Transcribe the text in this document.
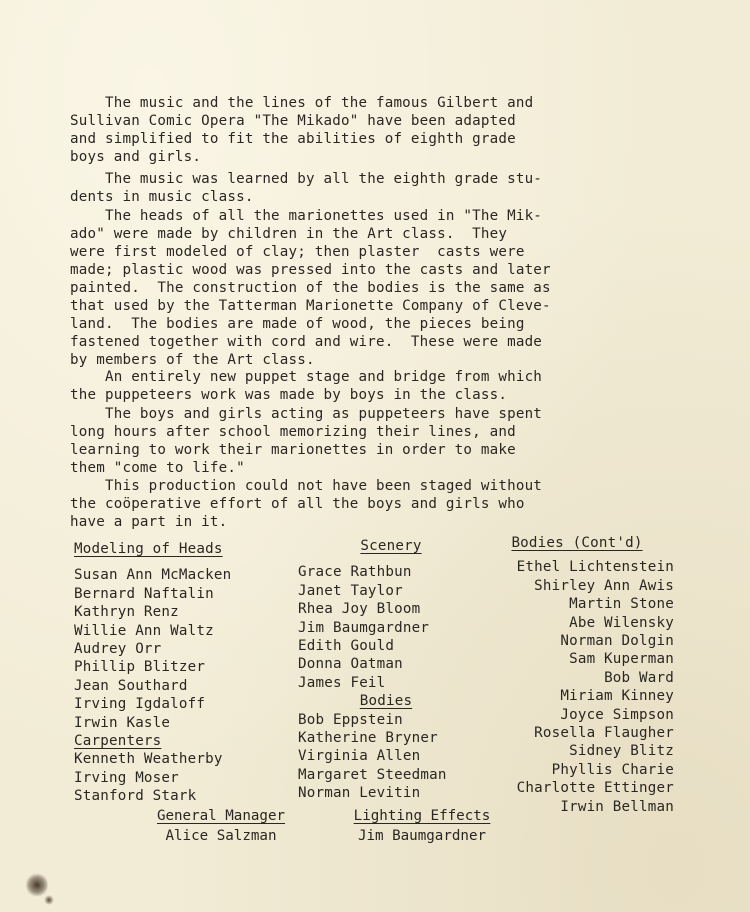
The music and the lines of the famous Gilbert and
Sullivan Comic Opera "The Mikado" have been adapted
and simplified to fit the abilities of eighth grade
boys and girls.

The music was learned by all the eighth grade stu-
dents in music class.

The heads of all the marionettes used in "The Mik-
ado" were made by children in the Art class.  They
were first modeled of clay; then plaster  casts were
made; plastic wood was pressed into the casts and later
painted.  The construction of the bodies is the same as
that used by the Tatterman Marionette Company of Cleve-
land.  The bodies are made of wood, the pieces being
fastened together with cord and wire.  These were made
by members of the Art class.

An entirely new puppet stage and bridge from which
the puppeteers work was made by boys in the class.

The boys and girls acting as puppeteers have spent
long hours after school memorizing their lines, and
learning to work their marionettes in order to make
them "come to life."

This production could not have been staged without
the coöperative effort of all the boys and girls who
have a part in it.

Modeling of Heads
Susan Ann McMacken
Bernard Naftalin
Kathryn Renz
Willie Ann Waltz
Audrey Orr
Phillip Blitzer
Jean Southard
Irving Igdaloff
Irwin Kasle
Carpenters
Kenneth Weatherby
Irving Moser
Stanford Stark
Scenery
Grace Rathbun
Janet Taylor
Rhea Joy Bloom
Jim Baumgardner
Edith Gould
Donna Oatman
James Feil
Bodies
Bob Eppstein
Katherine Bryner
Virginia Allen
Margaret Steedman
Norman Levitin
Bodies (Cont'd)
Ethel Lichtenstein
Shirley Ann Awis
Martin Stone
Abe Wilensky
Norman Dolgin
Sam Kuperman
Bob Ward
Miriam Kinney
Joyce Simpson
Rosella Flaugher
Sidney Blitz
Phyllis Charie
Charlotte Ettinger
Irwin Bellman
General Manager
Alice Salzman
Lighting Effects
Jim Baumgardner
